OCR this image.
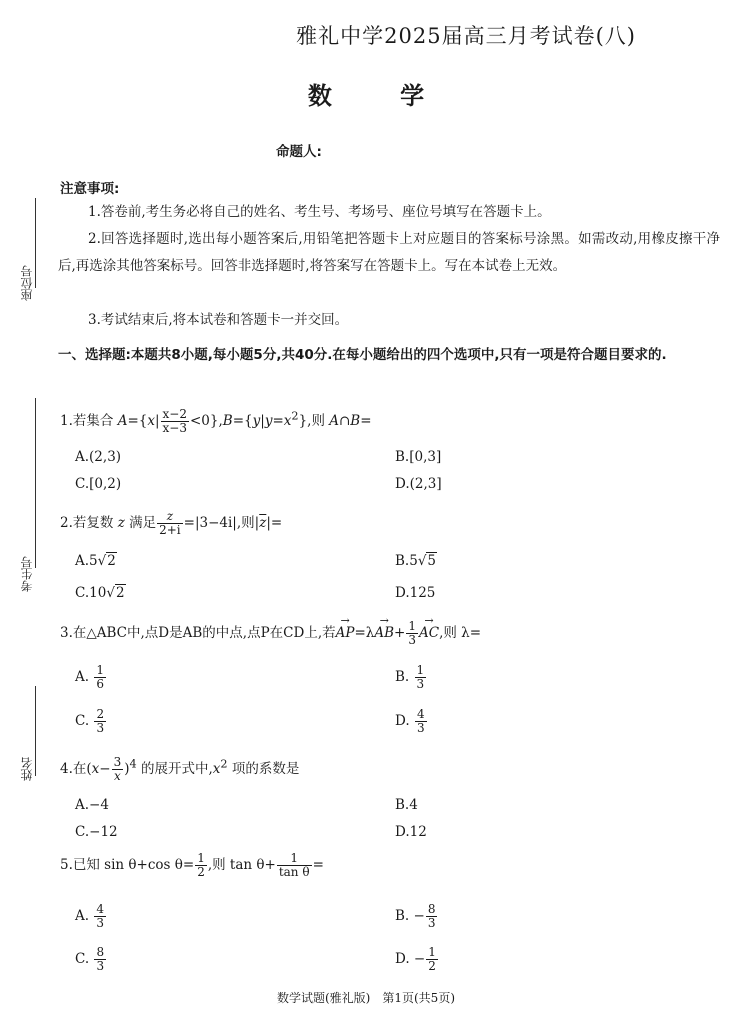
雅礼中学2025届高三月考试卷(八)
数 学
命题人:
注意事项:
1.答卷前,考生务必将自己的姓名、考生号、考场号、座位号填写在答题卡上。
2.回答选择题时,选出每小题答案后,用铅笔把答题卡上对应题目的答案标号涂黑。如需改动,用橡皮擦干净后,再选涂其他答案标号。回答非选择题时,将答案写在答题卡上。写在本试卷上无效。
3.考试结束后,将本试卷和答题卡一并交回。
一、选择题:本题共8小题,每小题5分,共40分.在每小题给出的四个选项中,只有一项是符合题目要求的.
座位号
考生号
姓名
1.若集合 $A=\{x| \frac{x-2}{x-3} <0\},B=\{y|y=x^2\}$,则 A∩B=
A.(2,3)	B.[0,3]
C.[0,2)	D.(2,3]
2.若复数 z 满足 $\frac{z}{2+i} =|3-4i|$,则$|\overline{z}|=$
A.5√2	B.5√5
C.10√2	D.125
3.在△ABC中,点D是AB的中点,点P在CD上,若→ $AP=\lambda\to AB+ \frac{1}{3}$ → AC,则 λ=
A. $\frac{1}{6}$	B. $\frac{1}{3}$
C. $\frac{2}{3}$	D. $\frac{4}{3}$
4.在$(x- \frac{3}{x} )^4$ 的展开式中$,x^2$ 项的系数是
A.−4	B.4
C.−12	D.12
5.已知 sin θ+cos $\theta= \frac{1}{2}$ ,则 $\tan \theta+ \frac{1}{\text{tan θ}}$ =
A. $\frac{4}{3}$	B. − $\frac{8}{3}$
C. $\frac{8}{3}$	D. − $\frac{1}{2}$
数学试题(雅礼版)　第1页(共5页)
